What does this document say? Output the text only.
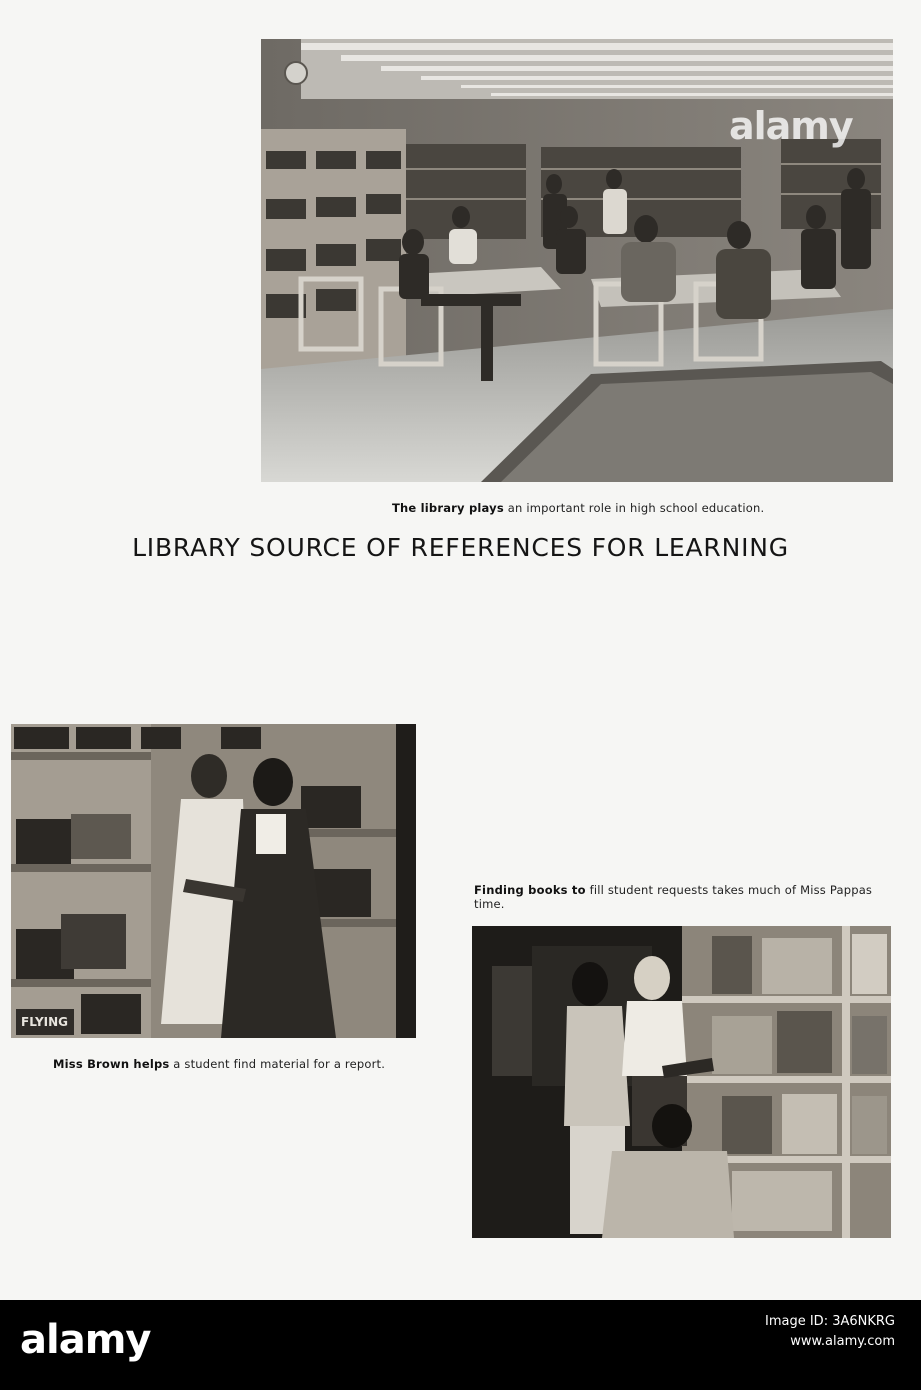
alamy
The library plays an important role in high school education.
LIBRARY SOURCE OF REFERENCES FOR LEARNING
FLYING
Miss Brown helps a student find material for a report.
Finding books to fill student requests takes much of Miss Pappas time.
alamy	Image ID: 3A6NKRG
www.alamy.com
